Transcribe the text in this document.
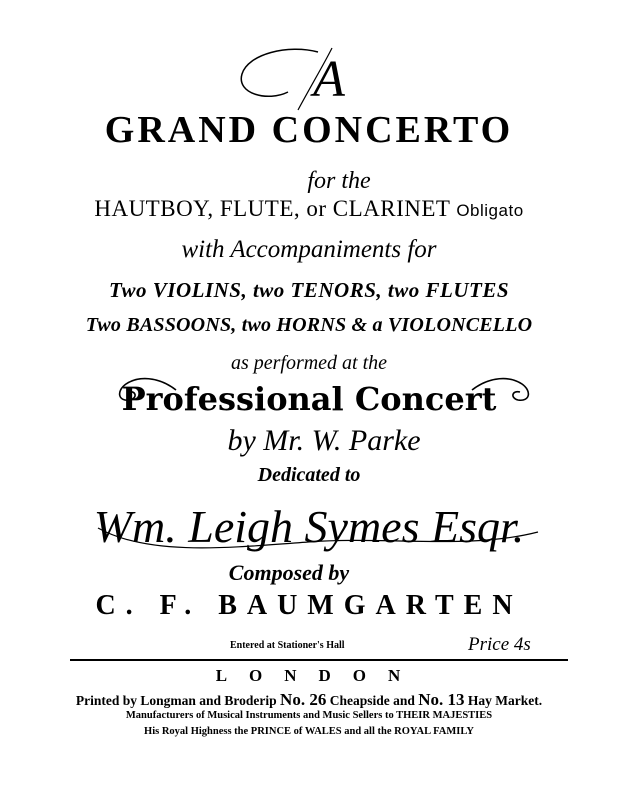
A
GRAND CONCERTO
for the
HAUTBOY, FLUTE, or CLARINET Obligato
with Accompaniments for
Two VIOLINS, two TENORS, two FLUTES
Two BASSOONS, two HORNS & a VIOLONCELLO
as performed at the
Professional Concert
by Mr. W. Parke
Dedicated to
Wm. Leigh Symes Esqr.
Composed by
C. F. BAUMGARTEN
Entered at Stationer's Hall	Price 4s
LONDON
Printed by Longman and Broderip No. 26 Cheapside and No. 13 Hay Market.
Manufacturers of Musical Instruments and Music Sellers to THEIR MAJESTIES
His Royal Highness the PRINCE of WALES and all the ROYAL FAMILY
